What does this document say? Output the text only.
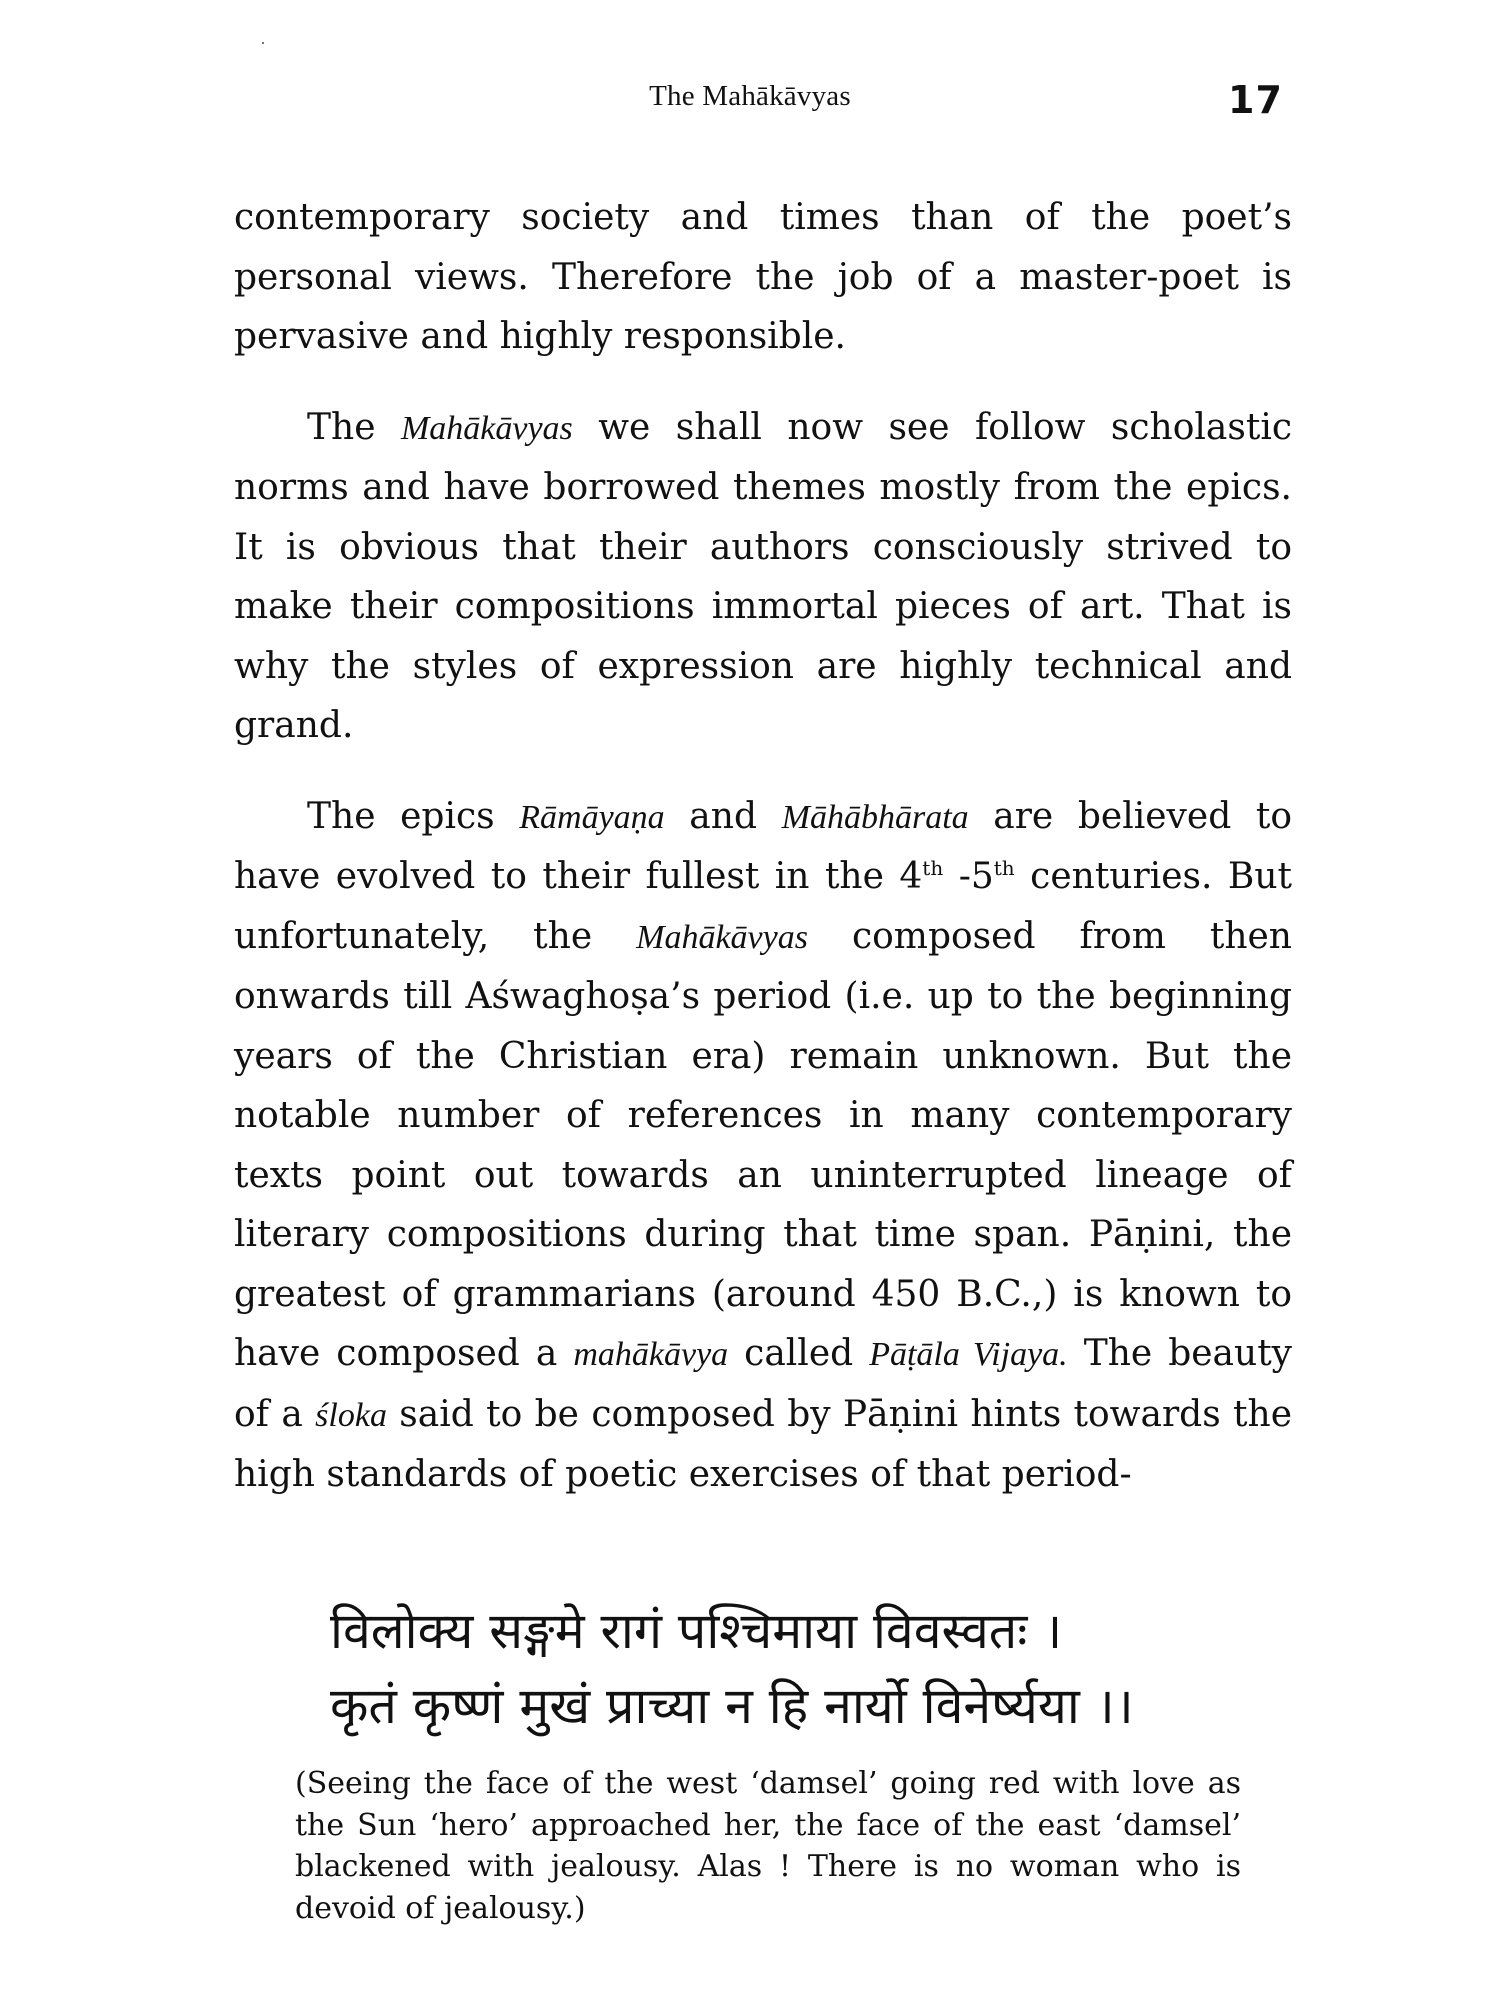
The Mahākāvyas	17

contemporary society and times than of the poet’s personal views. Therefore the job of a master-poet is pervasive and highly responsible.

The Mahākāvyas we shall now see follow scholastic norms and have borrowed themes mostly from the epics. It is obvious that their authors consciously strived to make their compositions immortal pieces of art. That is why the styles of expression are highly technical and grand.

The epics Rāmāyaṇa and Māhābhārata are believed to have evolved to their fullest in the 4th -5th centuries. But unfortunately, the Mahākāvyas composed from then onwards till Aśwaghoṣa’s period (i.e. up to the beginning years of the Christian era) remain unknown. But the notable number of references in many contemporary texts point out towards an uninterrupted lineage of literary compositions during that time span. Pāṇini, the greatest of grammarians (around 450 B.C.,) is known to have composed a mahākāvya called Pāṭāla Vijaya. The beauty of a śloka said to be composed by Pāṇini hints towards the high standards of poetic exercises of that period-

विलोक्य सङ्गमे रागं पश्चिमाया विवस्वतः ।
कृतं कृष्णं मुखं प्राच्या न हि नार्यो विनेर्ष्यया ।।
(Seeing the face of the west ‘damsel’ going red with love as the Sun ‘hero’ approached her, the face of the east ‘damsel’ blackened with jealousy. Alas ! There is no woman who is devoid of jealousy.)
